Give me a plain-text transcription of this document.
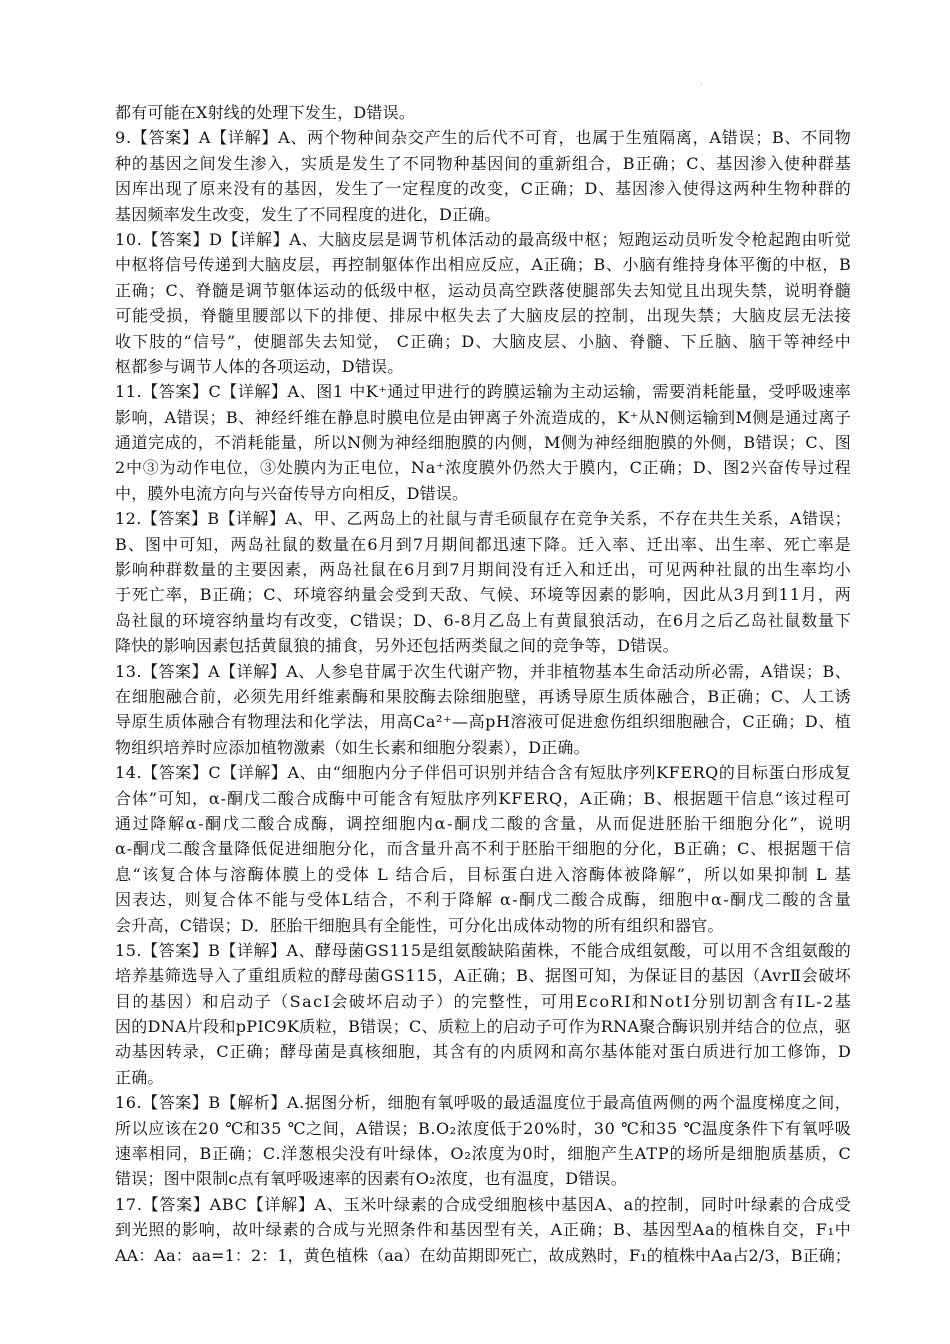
.
都有可能在X射线的处理下发生，D错误。
9.【答案】A【详解】A、两个物种间杂交产生的后代不可育，也属于生殖隔离，A错误；B、不同物
种的基因之间发生渗入，实质是发生了不同物种基因间的重新组合，B正确；C、基因渗入使种群基
因库出现了原来没有的基因，发生了一定程度的改变，C正确；D、基因渗入使得这两种生物种群的
基因频率发生改变，发生了不同程度的进化，D正确。
10.【答案】D【详解】A、大脑皮层是调节机体活动的最高级中枢；短跑运动员听发令枪起跑由听觉
中枢将信号传递到大脑皮层，再控制躯体作出相应反应，A正确；B、小脑有维持身体平衡的中枢，B
正确；C、脊髓是调节躯体运动的低级中枢，运动员高空跌落使腿部失去知觉且出现失禁，说明脊髓
可能受损，脊髓里腰部以下的排便、排尿中枢失去了大脑皮层的控制，出现失禁；大脑皮层无法接
收下肢的“信号”，使腿部失去知觉， C正确；D、大脑皮层、小脑、脊髓、下丘脑、脑干等神经中
枢都参与调节人体的各项运动，D错误。
11.【答案】C【详解】A、图1 中K⁺通过甲进行的跨膜运输为主动运输，需要消耗能量，受呼吸速率
影响，A错误；B、神经纤维在静息时膜电位是由钾离子外流造成的，K⁺从N侧运输到M侧是通过离子
通道完成的，不消耗能量，所以N侧为神经细胞膜的内侧，M侧为神经细胞膜的外侧，B错误；C、图
2中③为动作电位，③处膜内为正电位，Na⁺浓度膜外仍然大于膜内，C正确；D、图2兴奋传导过程
中，膜外电流方向与兴奋传导方向相反，D错误。
12.【答案】B【详解】A、甲、乙两岛上的社鼠与青毛硕鼠存在竞争关系，不存在共生关系，A错误；
B、图中可知，两岛社鼠的数量在6月到7月期间都迅速下降。迁入率、迁出率、出生率、死亡率是
影响种群数量的主要因素，两岛社鼠在6月到7月期间没有迁入和迁出，可见两种社鼠的出生率均小
于死亡率，B正确；C、环境容纳量会受到天敌、气候、环境等因素的影响，因此从3月到11月，两
岛社鼠的环境容纳量均有改变，C错误；D、6-8月乙岛上有黄鼠狼活动，在6月之后乙岛社鼠数量下
降快的影响因素包括黄鼠狼的捕食，另外还包括两类鼠之间的竞争等，D错误。
13.【答案】A【详解】A、人参皂苷属于次生代谢产物，并非植物基本生命活动所必需，A错误；B、
在细胞融合前，必须先用纤维素酶和果胶酶去除细胞壁，再诱导原生质体融合，B正确；C、人工诱
导原生质体融合有物理法和化学法，用高Ca²⁺—高pH溶液可促进愈伤组织细胞融合，C正确；D、植
物组织培养时应添加植物激素（如生长素和细胞分裂素），D正确。
14.【答案】C【详解】A、由“细胞内分子伴侣可识别并结合含有短肽序列KFERQ的目标蛋白形成复
合体”可知，α-酮戊二酸合成酶中可能含有短肽序列KFERQ，A正确；B、根据题干信息“该过程可
通过降解α-酮戊二酸合成酶，调控细胞内α-酮戊二酸的含量，从而促进胚胎干细胞分化”，说明
α-酮戊二酸含量降低促进细胞分化，而含量升高不利于胚胎干细胞的分化，B正确；C、根据题干信
息“该复合体与溶酶体膜上的受体 L 结合后，目标蛋白进入溶酶体被降解”，所以如果抑制 L 基
因表达，则复合体不能与受体L结合，不利于降解 α-酮戊二酸合成酶，细胞中α-酮戊二酸的含量
会升高，C错误；D．胚胎干细胞具有全能性，可分化出成体动物的所有组织和器官。
15.【答案】B【详解】A、酵母菌GS115是组氨酸缺陷菌株，不能合成组氨酸，可以用不含组氨酸的
培养基筛选导入了重组质粒的酵母菌GS115，A正确；B、据图可知，为保证目的基因（AvrⅡ会破坏
目的基因）和启动子（SacI会破坏启动子）的完整性，可用EcoRⅠ和NotⅠ分别切割含有IL-2基
因的DNA片段和pPIC9K质粒，B错误；C、质粒上的启动子可作为RNA聚合酶识别并结合的位点，驱
动基因转录，C正确；酵母菌是真核细胞，其含有的内质网和高尔基体能对蛋白质进行加工修饰，D
正确。
16.【答案】B【解析】A.据图分析，细胞有氧呼吸的最适温度位于最高值两侧的两个温度梯度之间，
所以应该在20 ℃和35 ℃之间，A错误；B.O₂浓度低于20%时，30 ℃和35 ℃温度条件下有氧呼吸
速率相同，B正确；C.洋葱根尖没有叶绿体，O₂浓度为0时，细胞产生ATP的场所是细胞质基质，C
错误；图中限制c点有氧呼吸速率的因素有O₂浓度，也有温度，D错误。
17.【答案】ABC【详解】A、玉米叶绿素的合成受细胞核中基因A、a的控制，同时叶绿素的合成受
到光照的影响，故叶绿素的合成与光照条件和基因型有关，A正确；B、基因型Aa的植株自交，F₁中
AA：Aa：aa=1：2：1，黄色植株（aa）在幼苗期即死亡，故成熟时，F₁的植株中Aa占2/3，B正确；
